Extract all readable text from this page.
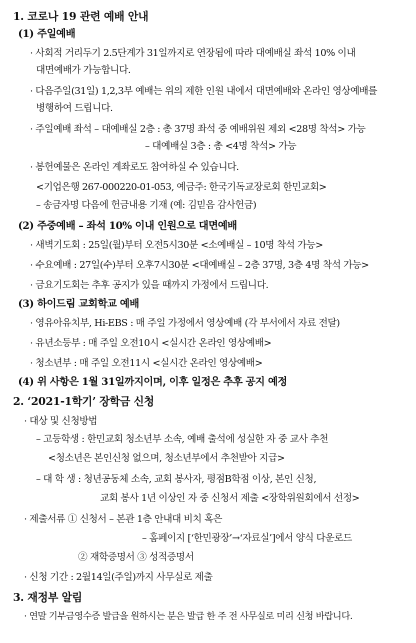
1. 코로나 19 관련 예배 안내
(1) 주일예배
· 사회적 거리두기 2.5단계가 31일까지로 연장됨에 따라 대예배실 좌석 10% 이내
대면예배가 가능합니다.
· 다음주일(31일) 1,2,3부 예배는 위의 제한 인원 내에서 대면예배와 온라인 영상예배를
병행하여 드립니다.
· 주일예배 좌석 – 대예배실 2층 : 총 37명 좌석 중 예배위원 제외 <28명 착석> 가능
– 대예배실 3층 : 총 <4명 착석> 가능
· 봉헌예물은 온라인 계좌로도 참여하실 수 있습니다.
<기업은행 267-000220-01-053, 예금주: 한국기독교장로회 한민교회>
– 송금자명 다음에 헌금내용 기재 (예: 김믿음 감사헌금)
(2) 주중예배 – 좌석 10% 이내 인원으로 대면예배
· 새벽기도회 : 25일(월)부터 오전5시30분 <소예배실 – 10명 착석 가능>
· 수요예배 : 27일(수)부터 오후7시30분 <대예배실 – 2층 37명, 3층 4명 착석 가능>
· 금요기도회는 추후 공지가 있을 때까지 가정에서 드립니다.
(3) 하이드림 교회학교 예배
· 영유아유치부, Hi-EBS : 매 주일 가정에서 영상예배 (각 부서에서 자료 전달)
· 유년소등부 : 매 주일 오전10시 <실시간 온라인 영상예배>
· 청소년부 : 매 주일 오전11시 <실시간 온라인 영상예배>
(4) 위 사항은 1월 31일까지이며, 이후 일정은 추후 공지 예정
2. ‘2021-1학기’ 장학금 신청
· 대상 및 신청방법
– 고등학생 : 한민교회 청소년부 소속, 예배 출석에 성실한 자 중 교사 추천
<청소년은 본인신청 없으며, 청소년부에서 추천받아 지급>
– 대 학 생 : 청년공동체 소속, 교회 봉사자, 평점B학점 이상, 본인 신청,
교회 봉사 1년 이상인 자 중 신청서 제출 <장학위원회에서 선정>
· 제출서류 ① 신청서 – 본관 1층 안내대 비치 혹은
– 홈페이지 [‘한민광장’→‘자료실’]에서 양식 다운로드
② 재학증명서 ③ 성적증명서
· 신청 기간 : 2월14일(주일)까지 사무실로 제출
3. 재정부 알림
· 연말 기부금영수증 발급을 원하시는 분은 발급 한 주 전 사무실로 미리 신청 바랍니다.
